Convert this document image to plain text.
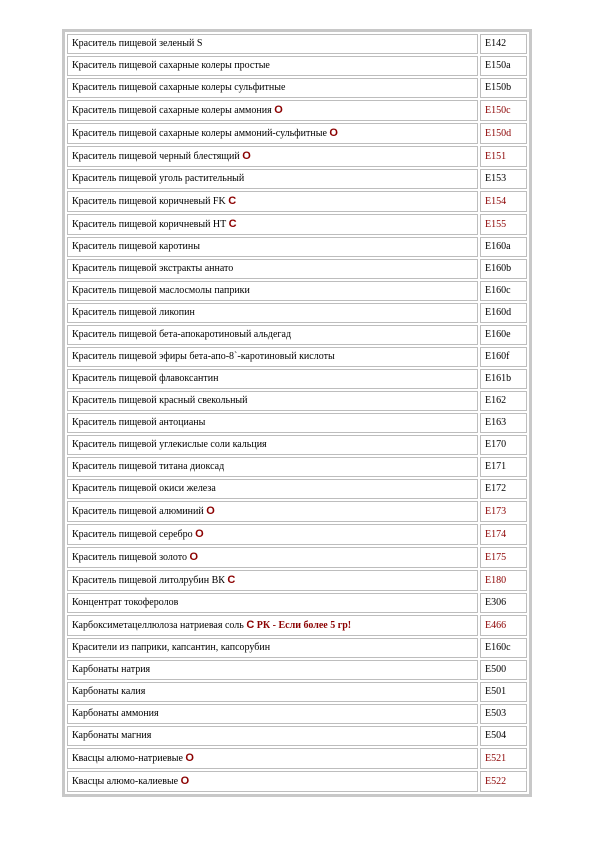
Краситель пищевой зеленый S	E142
Краситель пищевой сахарные колеры простые	E150a
Краситель пищевой сахарные колеры сульфитные	E150b
Краситель пищевой сахарные колеры аммония O	E150c
Краситель пищевой сахарные колеры аммоний-сульфитные O	E150d
Краситель пищевой черный блестящий O	E151
Краситель пищевой уголь растительный	E153
Краситель пищевой коричневый FK C	E154
Краситель пищевой коричневый HT C	E155
Краситель пищевой каротины	E160a
Краситель пищевой экстракты аннато	E160b
Краситель пищевой маслосмолы паприки	E160c
Краситель пищевой ликопин	E160d
Краситель пищевой бета-апокаротиновый альдегад	E160e
Краситель пищевой эфиры бета-апо-8`-каротиновый кислоты	E160f
Краситель пищевой флавоксантин	E161b
Краситель пищевой красный свекольный	E162
Краситель пищевой антоцианы	E163
Краситель пищевой углекислые соли кальция	E170
Краситель пищевой титана диоксад	E171
Краситель пищевой окиси железа	E172
Краситель пищевой алюминий O	E173
Краситель пищевой серебро O	E174
Краситель пищевой золото O	E175
Краситель пищевой литолрубин ВК C	E180
Концентрат токоферолов	E306
Карбоксиметацеллюлоза натриевая соль C РК - Если более 5 гр!	E466
Красители из паприки, капсантин, капсорубин	E160c
Карбонаты натрия	E500
Карбонаты калия	E501
Карбонаты аммония	E503
Карбонаты магния	E504
Квасцы алюмо-натриевые O	E521
Квасцы алюмо-калиевые O	E522
